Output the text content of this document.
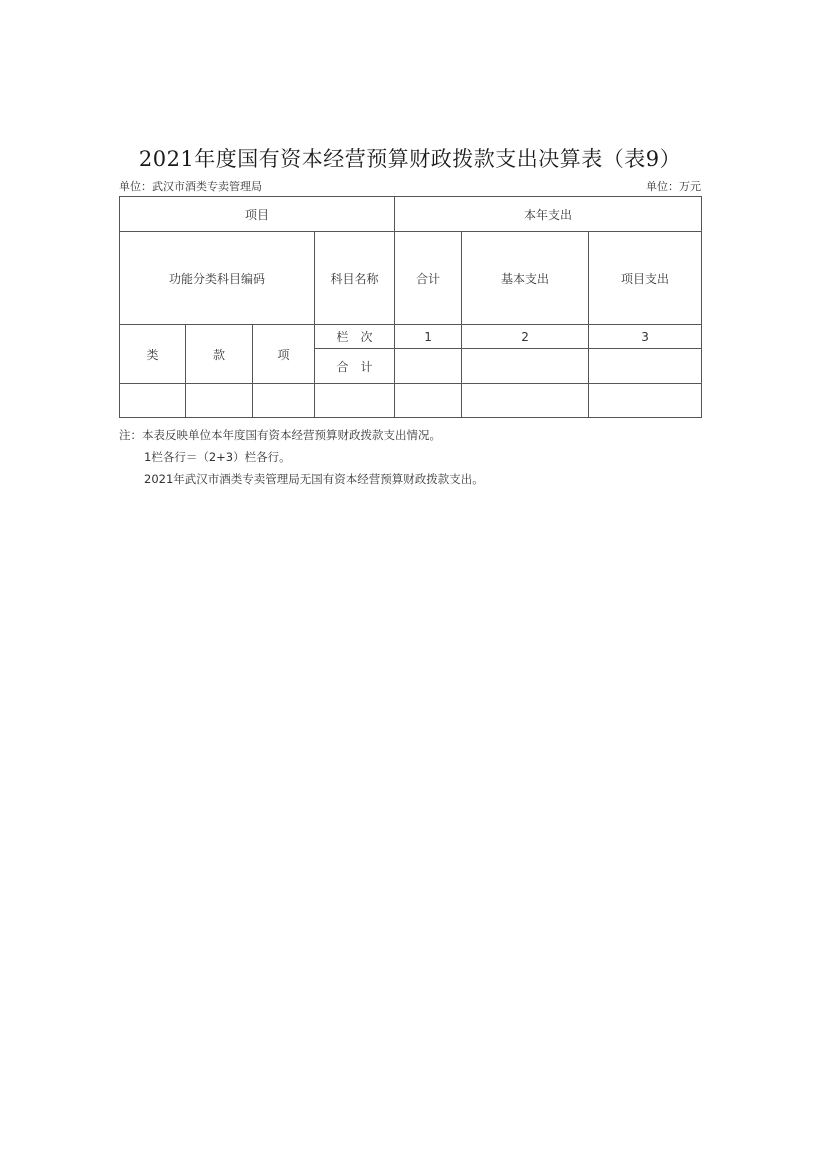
2021年度国有资本经营预算财政拨款支出决算表（表9）
单位：武汉市酒类专卖管理局	单位：万元
项目				本年支出		
功能分类科目编码			科目名称	合计	基本支出	项目支出
类	款	项	栏　次	1	2	3
			合　计			

注：本表反映单位本年度国有资本经营预算财政拨款支出情况。
1栏各行＝（2+3）栏各行。
2021年武汉市酒类专卖管理局无国有资本经营预算财政拨款支出。
